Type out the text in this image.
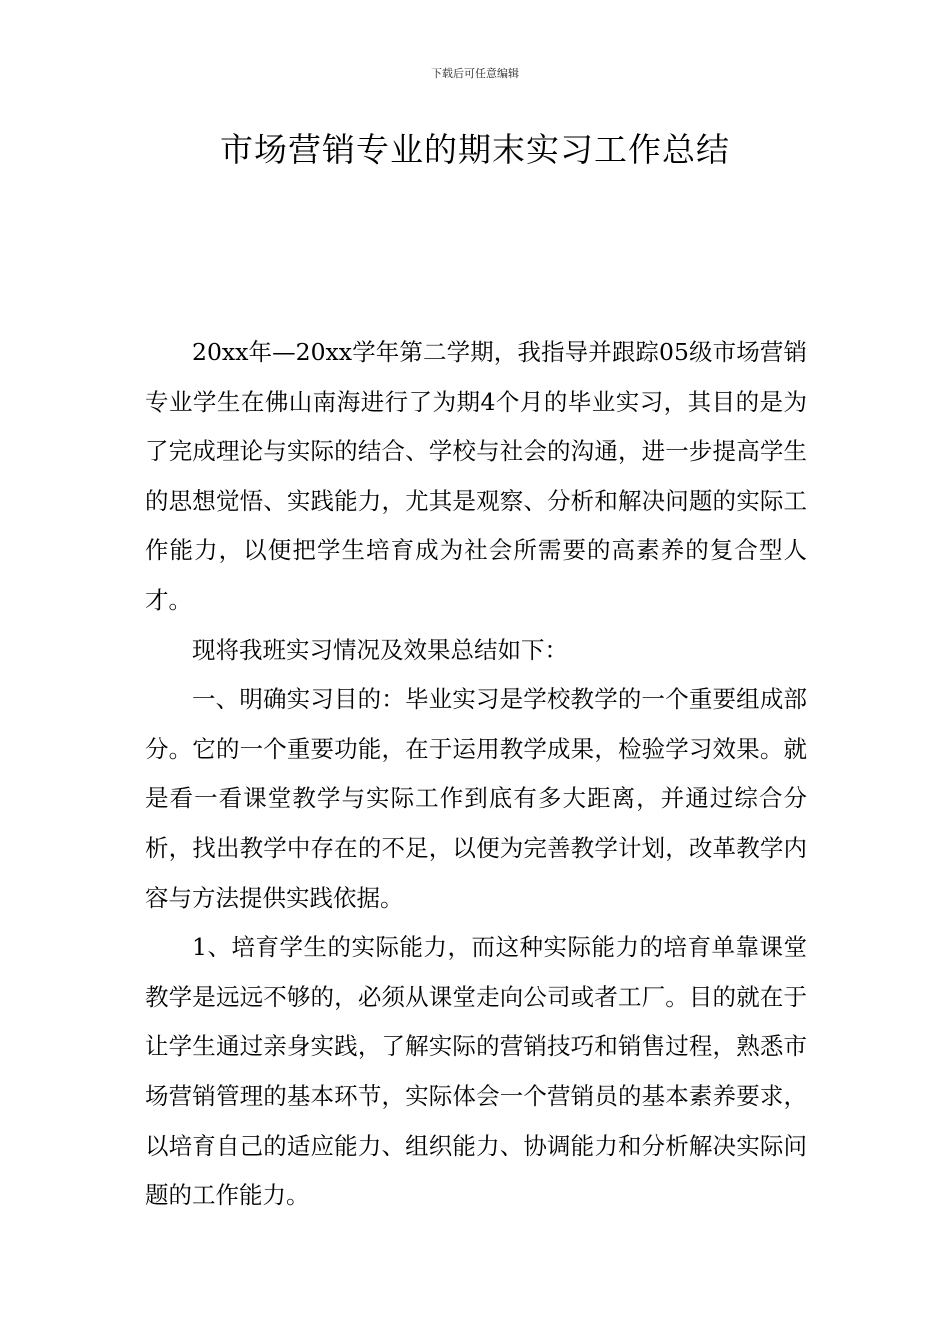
下载后可任意编辑
市场营销专业的期末实习工作总结

20xx年—20xx学年第二学期，我指导并跟踪05级市场营销专业学生在佛山南海进行了为期4个月的毕业实习，其目的是为了完成理论与实际的结合、学校与社会的沟通，进一步提高学生的思想觉悟、实践能力，尤其是观察、分析和解决问题的实际工作能力，以便把学生培育成为社会所需要的高素养的复合型人才。

现将我班实习情况及效果总结如下：

一、明确实习目的：毕业实习是学校教学的一个重要组成部分。它的一个重要功能，在于运用教学成果，检验学习效果。就是看一看课堂教学与实际工作到底有多大距离，并通过综合分析，找出教学中存在的不足，以便为完善教学计划，改革教学内容与方法提供实践依据。

1、培育学生的实际能力，而这种实际能力的培育单靠课堂教学是远远不够的，必须从课堂走向公司或者工厂。目的就在于让学生通过亲身实践，了解实际的营销技巧和销售过程，熟悉市场营销管理的基本环节，实际体会一个营销员的基本素养要求，以培育自己的适应能力、组织能力、协调能力和分析解决实际问题的工作能力。
